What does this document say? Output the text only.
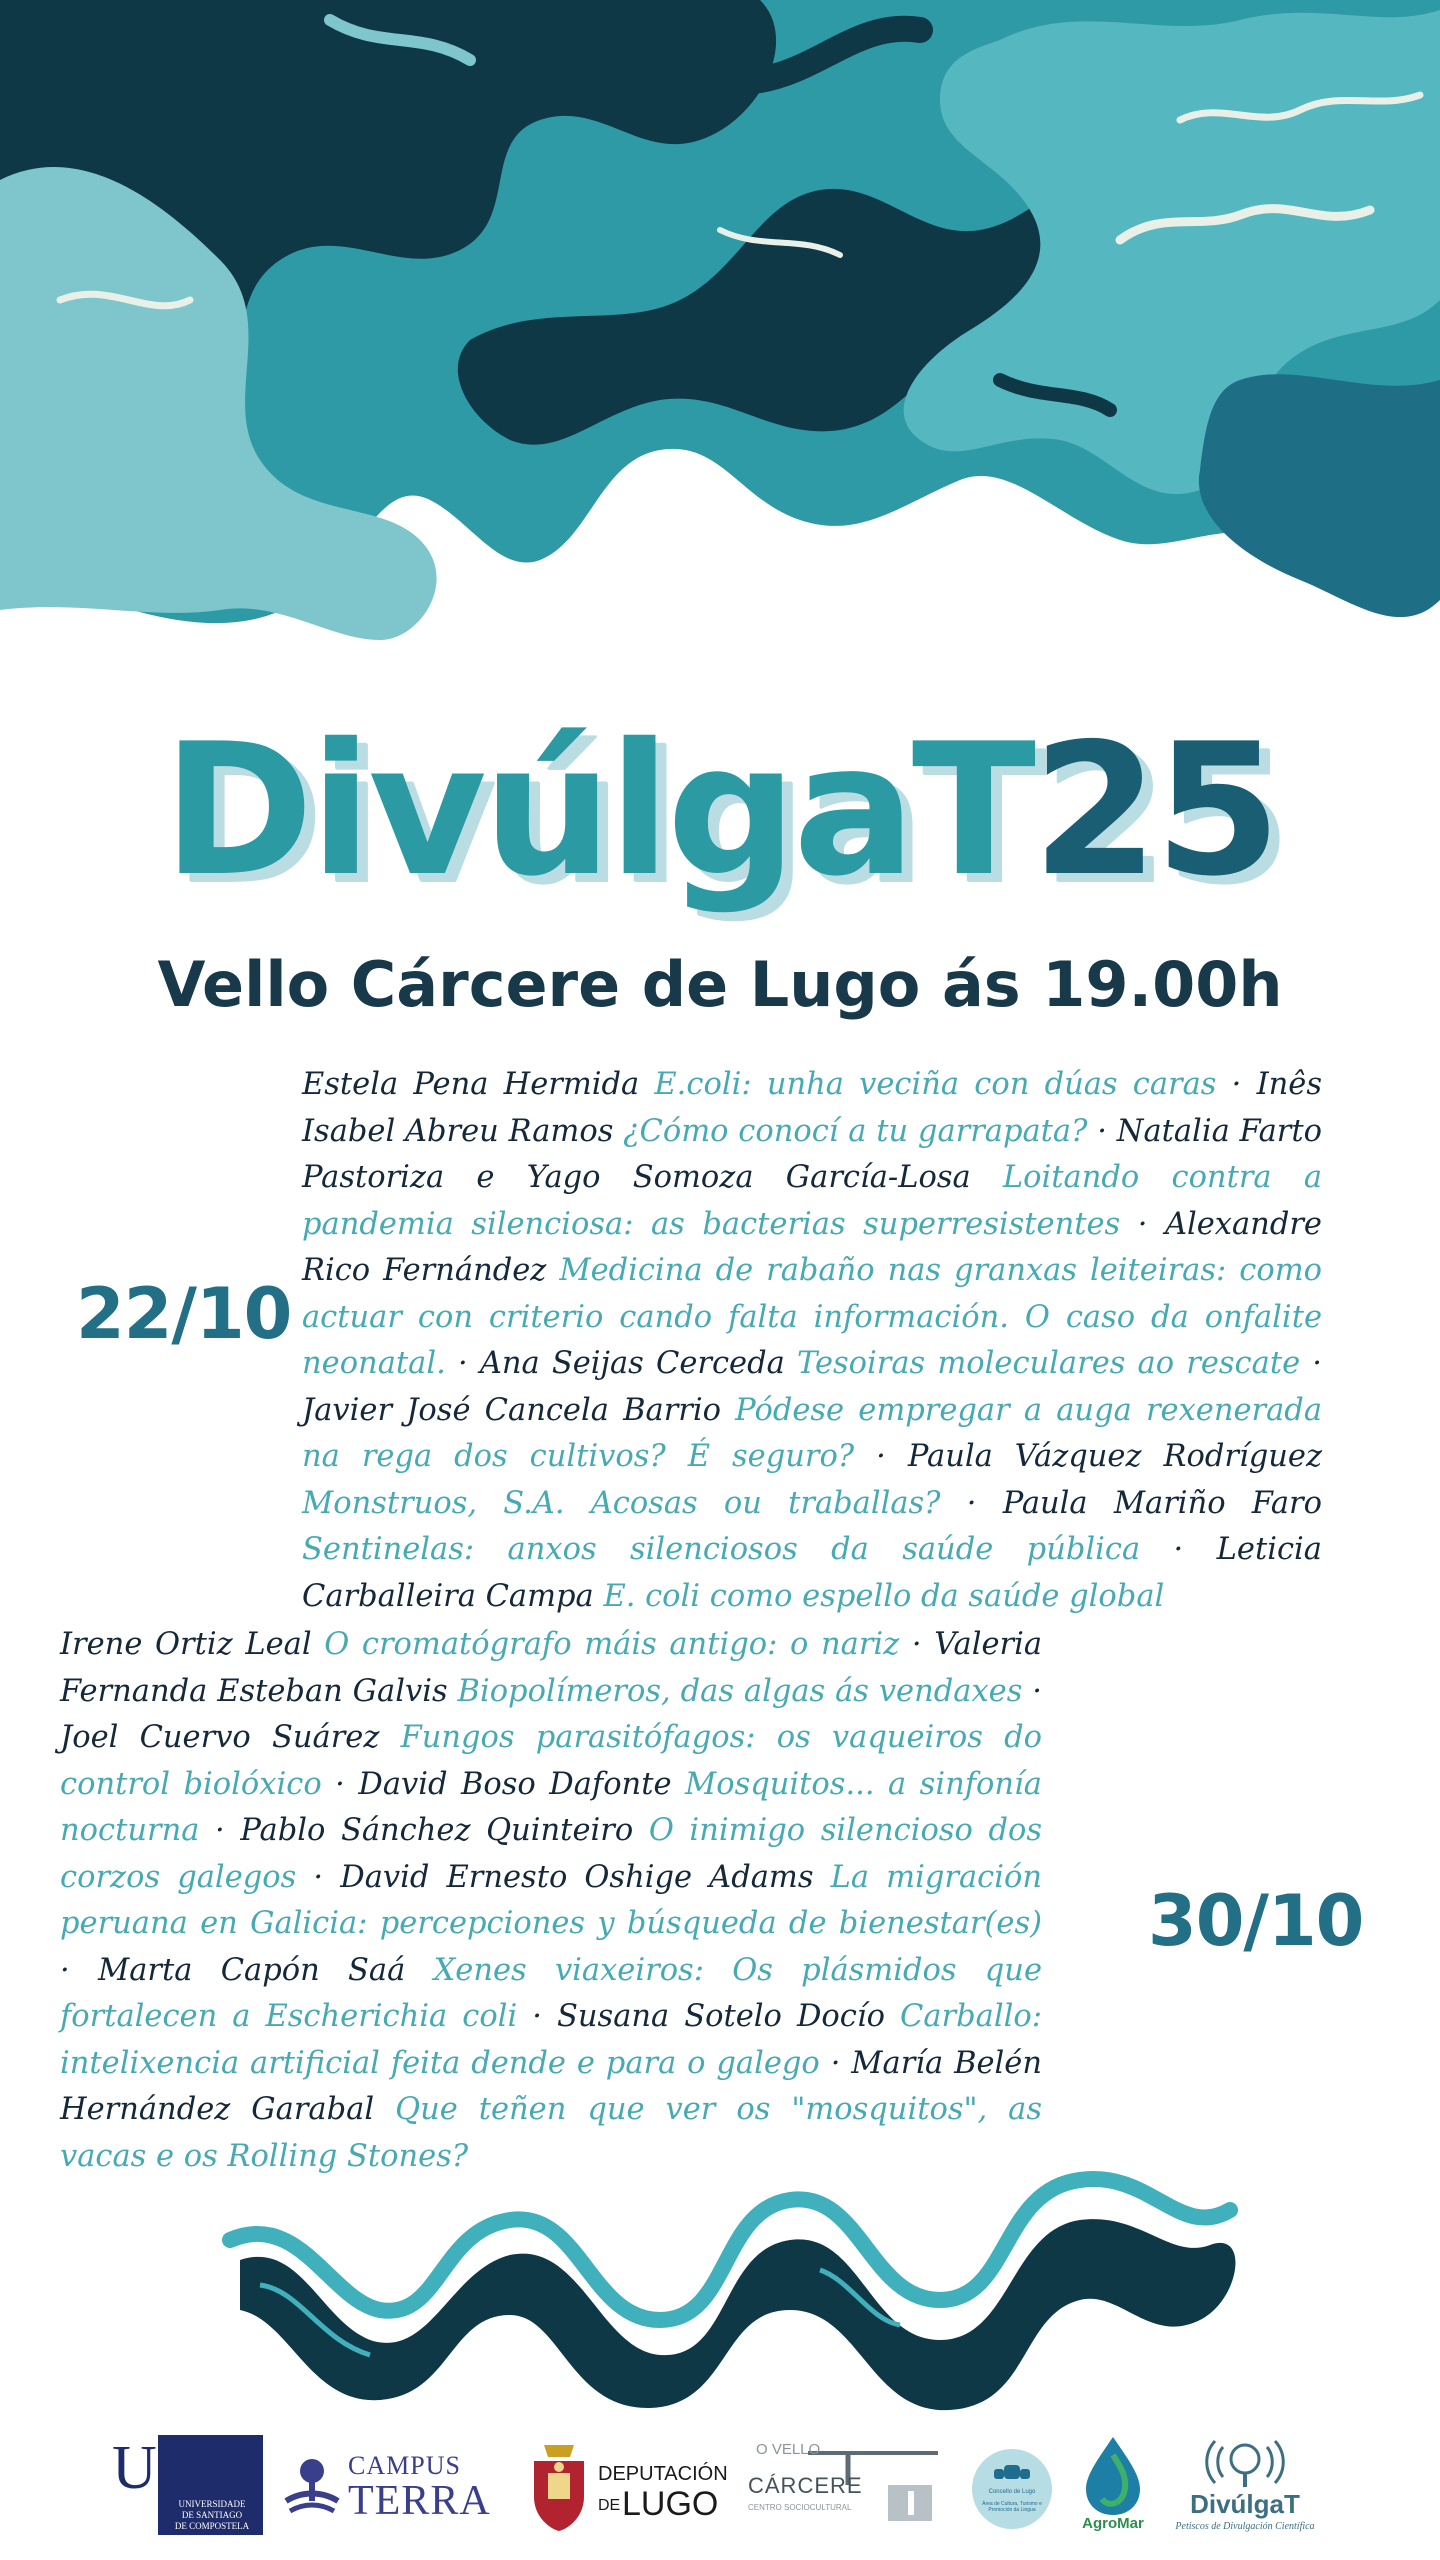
DivúlgaT25
Vello Cárcere de Lugo ás 19.00h
22/10
Estela Pena Hermida E.coli: unha veciña con dúas caras · Inês Isabel Abreu Ramos ¿Cómo conocí a tu garrapata? · Natalia Farto Pastoriza e Yago Somoza García-Losa Loitando contra a pandemia silenciosa: as bacterias superresistentes · Alexandre Rico Fernández Medicina de rabaño nas granxas leiteiras: como actuar con criterio cando falta información. O caso da onfalite neonatal. · Ana Seijas Cerceda Tesoiras moleculares ao rescate · Javier José Cancela Barrio Pódese empregar a auga rexenerada na rega dos cultivos? É seguro? · Paula Vázquez Rodríguez Monstruos, S.A. Acosas ou traballas? · Paula Mariño Faro Sentinelas: anxos silenciosos da saúde pública · Leticia Carballeira Campa E. coli como espello da saúde global
30/10
Irene Ortiz Leal O cromatógrafo máis antigo: o nariz · Valeria Fernanda Esteban Galvis Biopolímeros, das algas ás vendaxes · Joel Cuervo Suárez Fungos parasitófagos: os vaqueiros do control biolóxico · David Boso Dafonte Mosquitos... a sinfonía nocturna · Pablo Sánchez Quinteiro O inimigo silencioso dos corzos galegos · David Ernesto Oshige Adams La migración peruana en Galicia: percepciones y búsqueda de bienestar(es) · Marta Capón Saá Xenes viaxeiros: Os plásmidos que fortalecen a Escherichia coli · Susana Sotelo Docío Carballo: intelixencia artificial feita dende e para o galego · María Belén Hernández Garabal Que teñen que ver os "mosquitos", as vacas e os Rolling Stones?
USC
UNIVERSIDADE
DE SANTIAGO
DE COMPOSTELA
CAMPUS
TERRA
DEPUTACIÓN
DE LUGO
O VELLO
CÁRCERE
CENTRO SOCIOCULTURAL
Concello de Lugo
Área de Cultura, Turismo e Promoción da Lingua
AgroMar
DivúlgaT
Petiscos de Divulgación Científica
